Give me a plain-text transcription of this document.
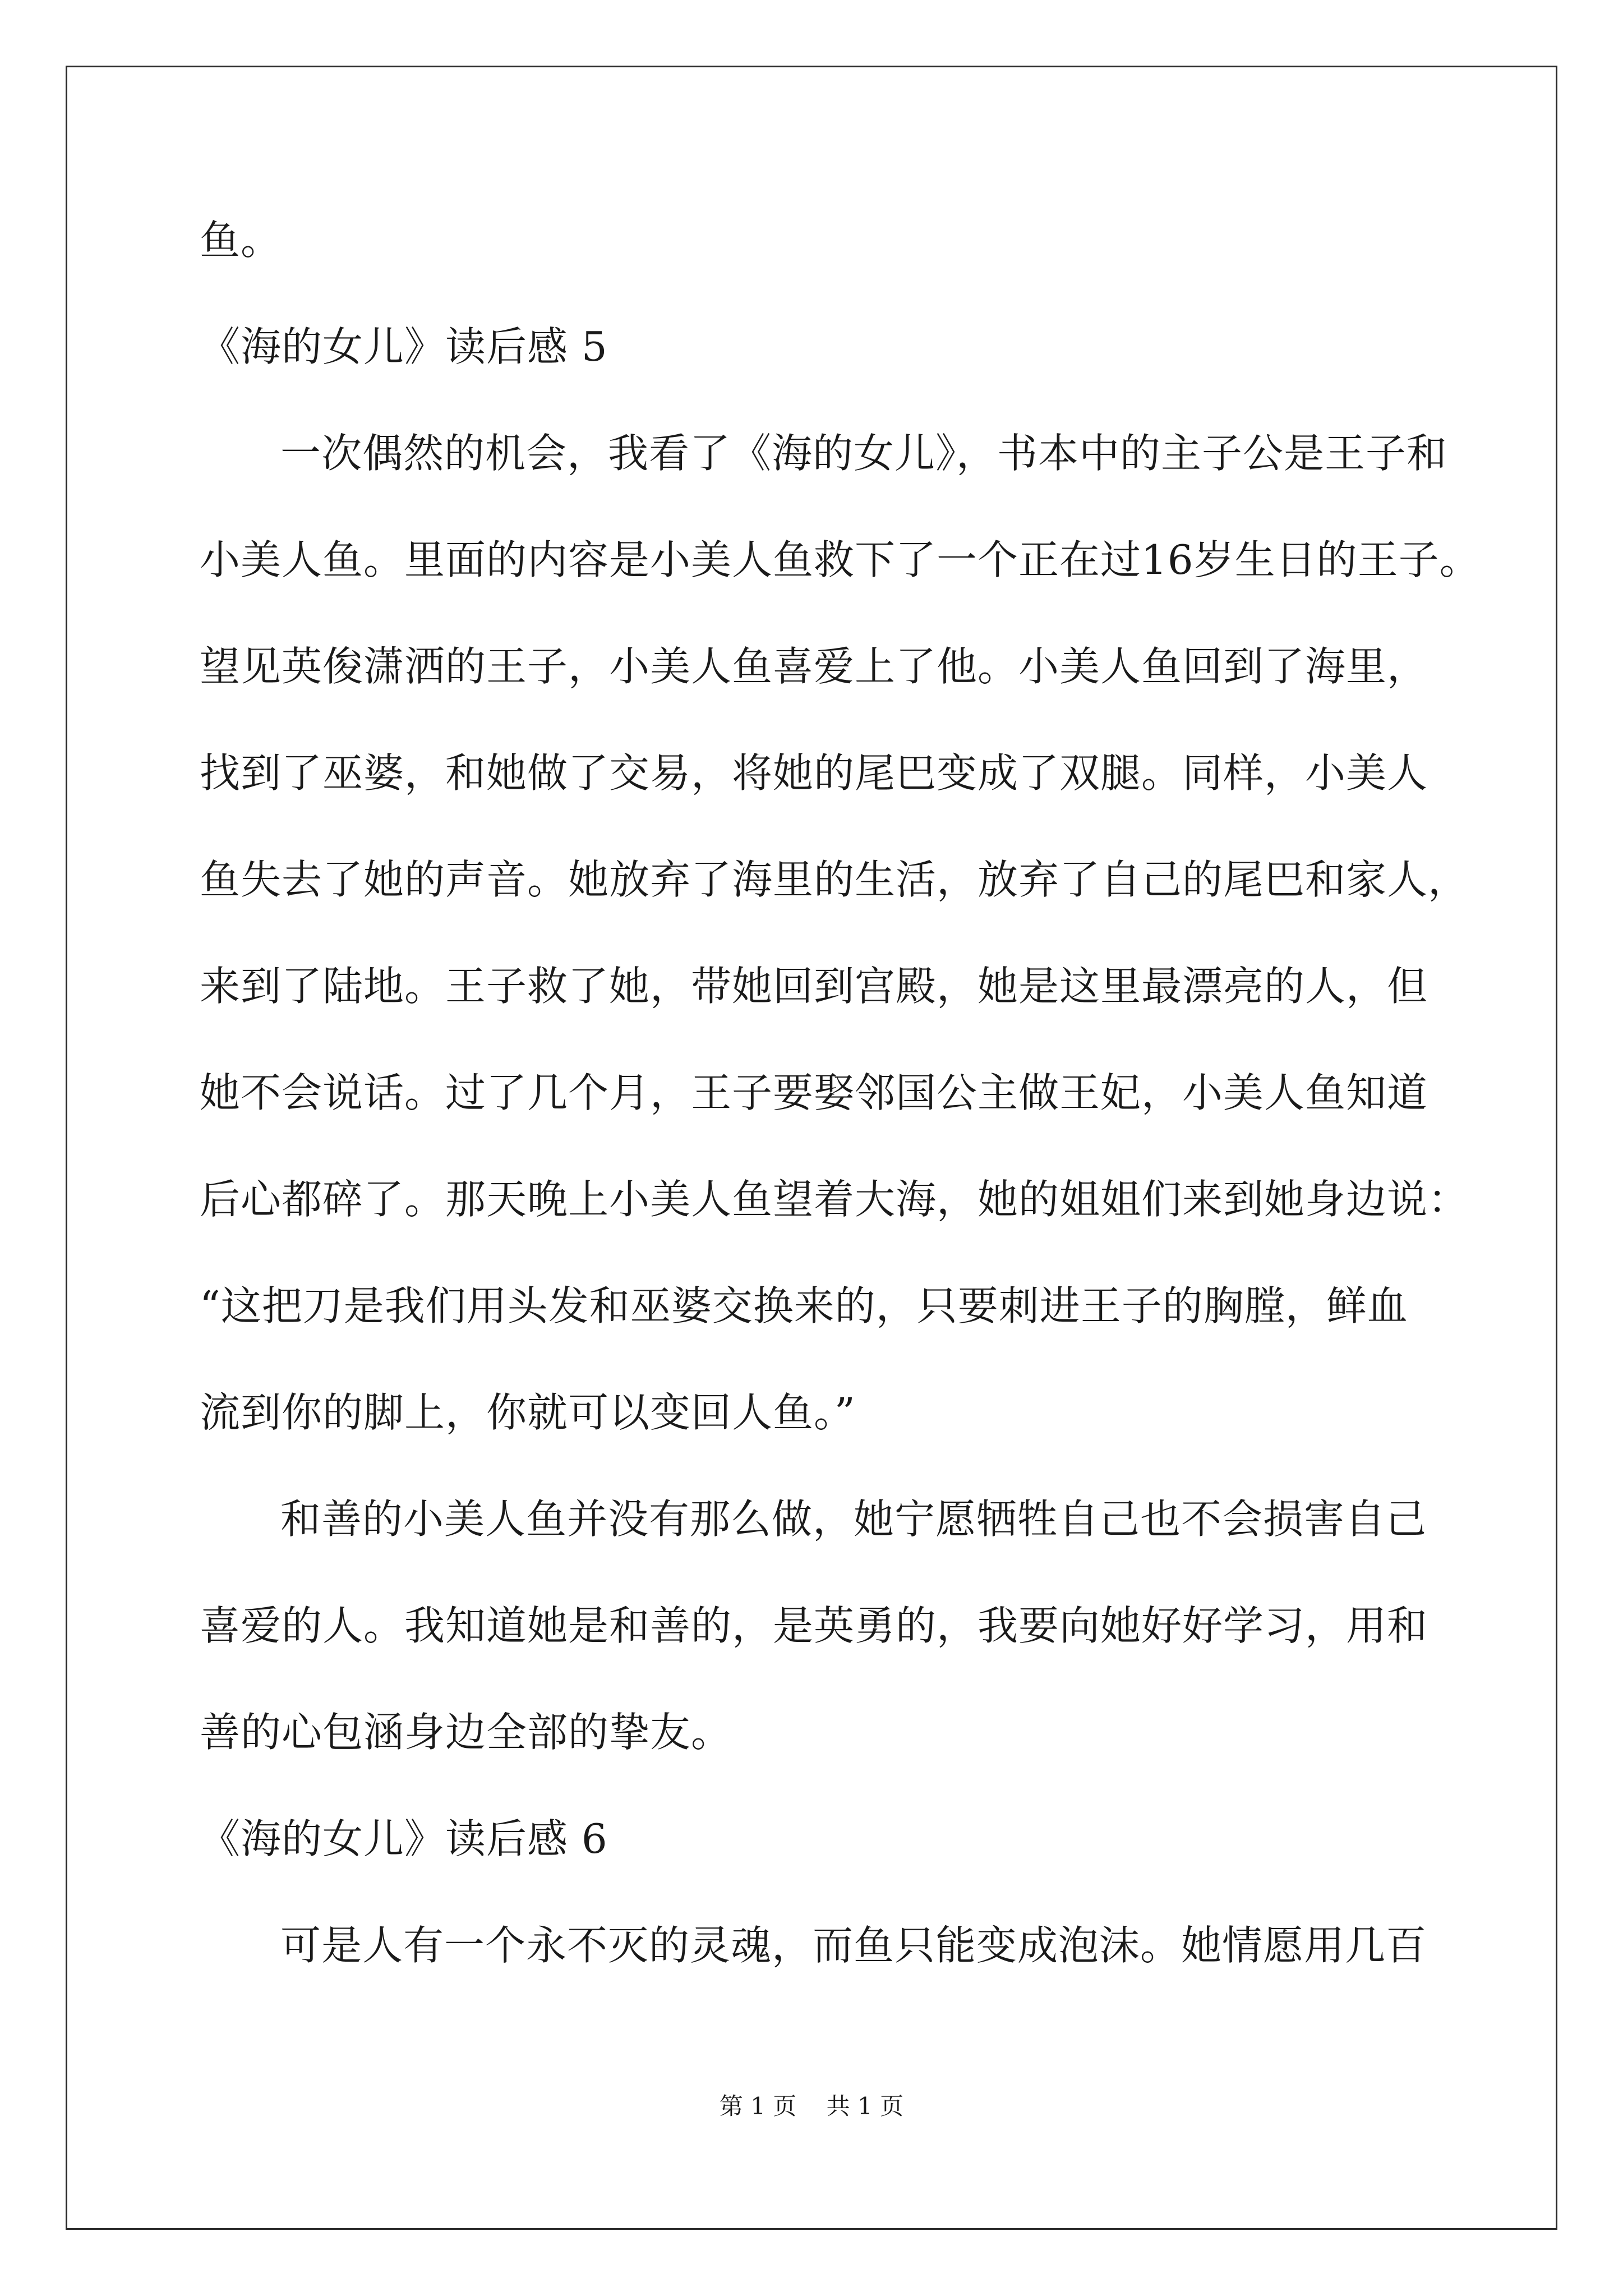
鱼。
《海的女儿》读后感 5
一次偶然的机会，我看了《海的女儿》，书本中的主子公是王子和
小美人鱼。里面的内容是小美人鱼救下了一个正在过16岁生日的王子。
望见英俊潇洒的王子，小美人鱼喜爱上了他。小美人鱼回到了海里，
找到了巫婆，和她做了交易，将她的尾巴变成了双腿。同样，小美人
鱼失去了她的声音。她放弃了海里的生活，放弃了自己的尾巴和家人，
来到了陆地。王子救了她，带她回到宫殿，她是这里最漂亮的人，但
她不会说话。过了几个月，王子要娶邻国公主做王妃，小美人鱼知道
后心都碎了。那天晚上小美人鱼望着大海，她的姐姐们来到她身边说：
“这把刀是我们用头发和巫婆交换来的，只要刺进王子的胸膛，鲜血
流到你的脚上，你就可以变回人鱼。”
和善的小美人鱼并没有那么做，她宁愿牺牲自己也不会损害自己
喜爱的人。我知道她是和善的，是英勇的，我要向她好好学习，用和
善的心包涵身边全部的挚友。
《海的女儿》读后感 6
可是人有一个永不灭的灵魂，而鱼只能变成泡沫。她情愿用几百
第 1 页 共 1 页
